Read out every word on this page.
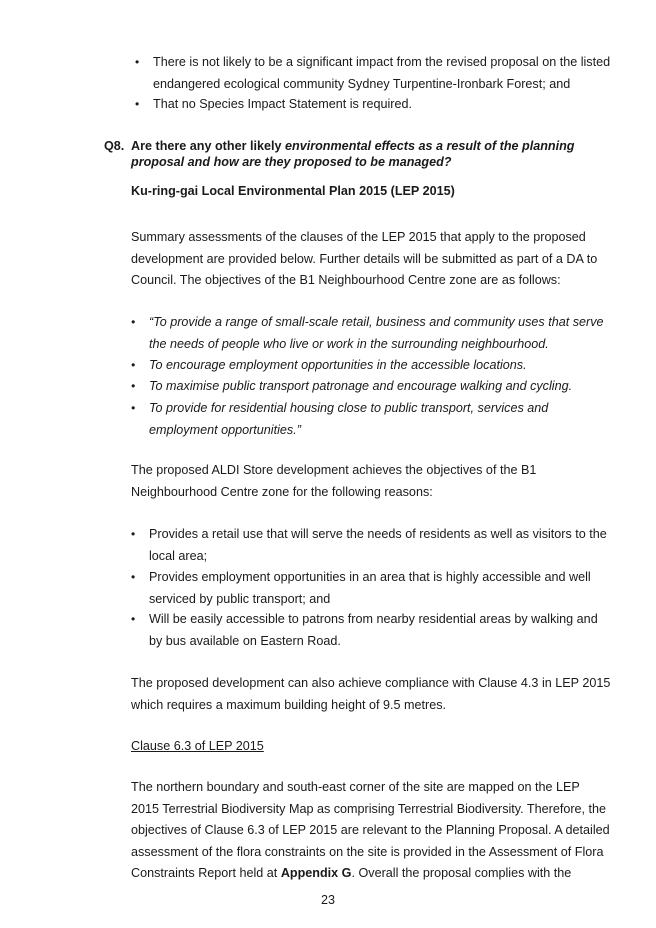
• There is not likely to be a significant impact from the revised proposal on the listed endangered ecological community Sydney Turpentine-Ironbark Forest; and
• That no Species Impact Statement is required.
Q8. Are there any other likely environmental effects as a result of the planning proposal and how are they proposed to be managed?
Ku-ring-gai Local Environmental Plan 2015 (LEP 2015)

Summary assessments of the clauses of the LEP 2015 that apply to the proposed development are provided below. Further details will be submitted as part of a DA to Council. The objectives of the B1 Neighbourhood Centre zone are as follows:

• “To provide a range of small-scale retail, business and community uses that serve the needs of people who live or work in the surrounding neighbourhood.
• To encourage employment opportunities in the accessible locations.
• To maximise public transport patronage and encourage walking and cycling.
• To provide for residential housing close to public transport, services and employment opportunities.”

The proposed ALDI Store development achieves the objectives of the B1 Neighbourhood Centre zone for the following reasons:

• Provides a retail use that will serve the needs of residents as well as visitors to the local area;
• Provides employment opportunities in an area that is highly accessible and well serviced by public transport; and
• Will be easily accessible to patrons from nearby residential areas by walking and by bus available on Eastern Road.

The proposed development can also achieve compliance with Clause 4.3 in LEP 2015 which requires a maximum building height of 9.5 metres.

Clause 6.3 of LEP 2015

The northern boundary and south-east corner of the site are mapped on the LEP 2015 Terrestrial Biodiversity Map as comprising Terrestrial Biodiversity. Therefore, the objectives of Clause 6.3 of LEP 2015 are relevant to the Planning Proposal. A detailed assessment of the flora constraints on the site is provided in the Assessment of Flora Constraints Report held at Appendix G. Overall the proposal complies with the

23
